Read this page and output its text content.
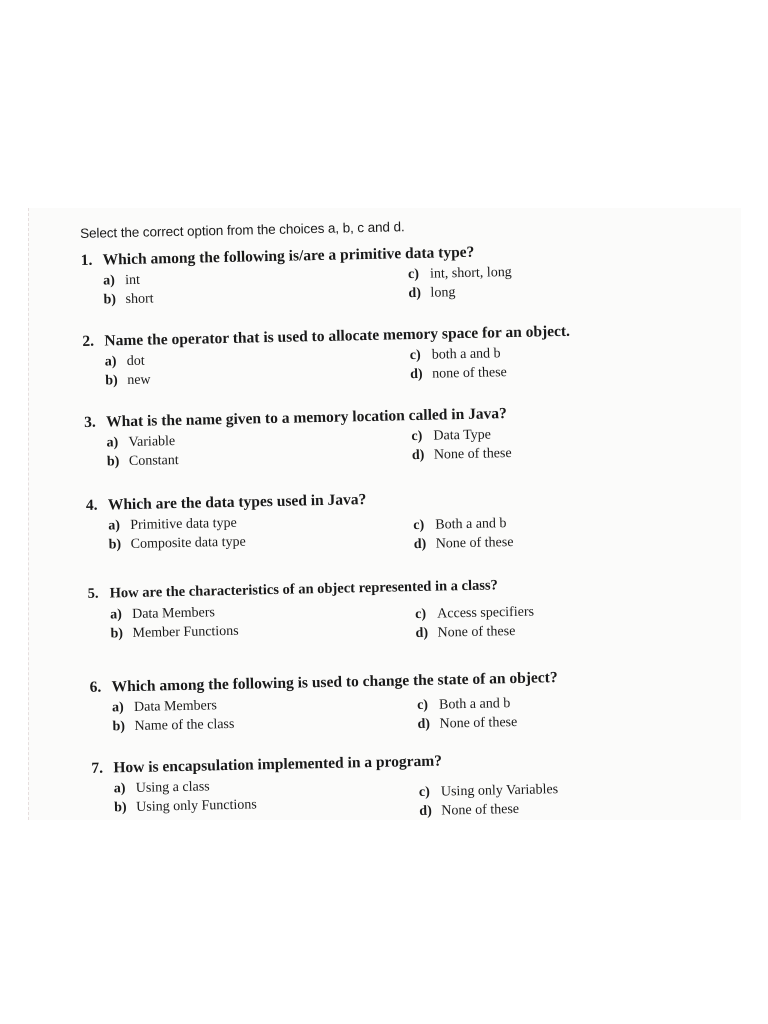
Select the correct option from the choices a, b, c and d.
1. Which among the following is/are a primitive data type?
a) int
b) short
c) int, short, long
d) long
2. Name the operator that is used to allocate memory space for an object.
a) dot
b) new
c) both a and b
d) none of these
3. What is the name given to a memory location called in Java?
a) Variable
b) Constant
c) Data Type
d) None of these
4. Which are the data types used in Java?
a) Primitive data type
b) Composite data type
c) Both a and b
d) None of these
5. How are the characteristics of an object represented in a class?
a) Data Members
b) Member Functions
c) Access specifiers
d) None of these
6. Which among the following is used to change the state of an object?
a) Data Members
b) Name of the class
c) Both a and b
d) None of these
7. How is encapsulation implemented in a program?
a) Using a class
b) Using only Functions
c) Using only Variables
d) None of these
